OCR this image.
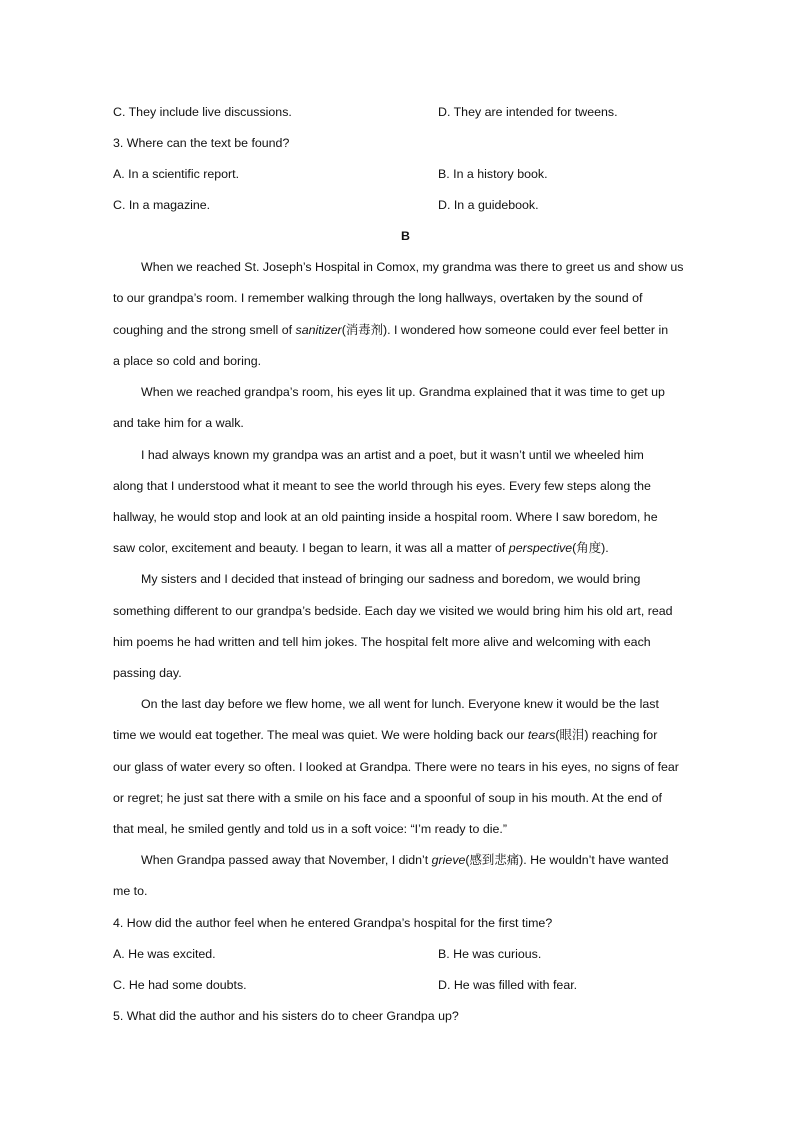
C. They include live discussions.	D. They are intended for tweens.
3. Where can the text be found?
A. In a scientific report.	B. In a history book.
C. In a magazine.	D. In a guidebook.
B
When we reached St. Joseph’s Hospital in Comox, my grandma was there to greet us and show us
to our grandpa’s room. I remember walking through the long hallways, overtaken by the sound of
coughing and the strong smell of sanitizer(消毒剂). I wondered how someone could ever feel better in
a place so cold and boring.
When we reached grandpa’s room, his eyes lit up. Grandma explained that it was time to get up
and take him for a walk.
I had always known my grandpa was an artist and a poet, but it wasn’t until we wheeled him
along that I understood what it meant to see the world through his eyes. Every few steps along the
hallway, he would stop and look at an old painting inside a hospital room. Where I saw boredom, he
saw color, excitement and beauty. I began to learn, it was all a matter of perspective(角度).
My sisters and I decided that instead of bringing our sadness and boredom, we would bring
something different to our grandpa’s bedside. Each day we visited we would bring him his old art, read
him poems he had written and tell him jokes. The hospital felt more alive and welcoming with each
passing day.
On the last day before we flew home, we all went for lunch. Everyone knew it would be the last
time we would eat together. The meal was quiet. We were holding back our tears(眼泪) reaching for
our glass of water every so often. I looked at Grandpa. There were no tears in his eyes, no signs of fear
or regret; he just sat there with a smile on his face and a spoonful of soup in his mouth. At the end of
that meal, he smiled gently and told us in a soft voice: “I’m ready to die.”
When Grandpa passed away that November, I didn’t grieve(感到悲痛). He wouldn’t have wanted
me to.
4. How did the author feel when he entered Grandpa’s hospital for the first time?
A. He was excited.	B. He was curious.
C. He had some doubts.	D. He was filled with fear.
5. What did the author and his sisters do to cheer Grandpa up?
